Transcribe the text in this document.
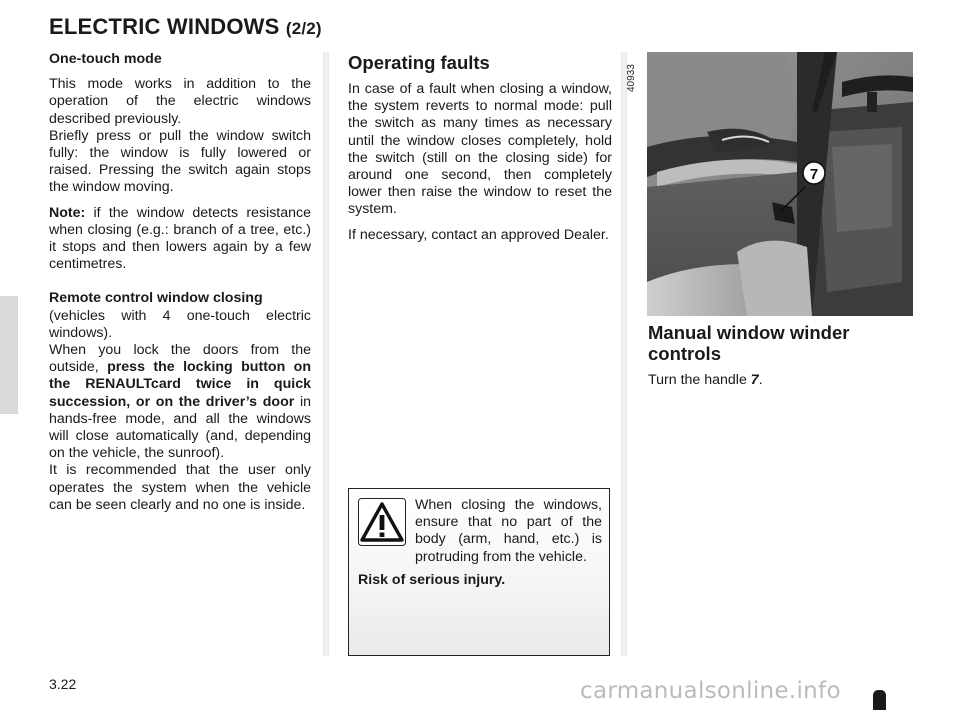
ELECTRIC WINDOWS (2/2)

One-touch mode

This mode works in addition to the operation of the electric windows described previously.

Briefly press or pull the window switch fully: the window is fully lowered or raised. Pressing the switch again stops the window moving.

Note: if the window detects resistance when closing (e.g.: branch of a tree, etc.) it stops and then lowers again by a few centimetres.

Remote control window closing

(vehicles with 4 one-touch electric windows).

When you lock the doors from the outside, press the locking button on the RENAULTcard twice in quick succession, or on the driver’s door in hands-free mode, and all the windows will close automatically (and, depending on the vehicle, the sunroof).

It is recommended that the user only operates the system when the vehicle can be seen clearly and no one is inside.

Operating faults

In case of a fault when closing a window, the system reverts to normal mode: pull the switch as many times as necessary until the window closes completely, hold the switch (still on the closing side) for around one second, then completely lower then raise the window to reset the system.

If necessary, contact an approved Dealer.

When closing the windows, ensure that no part of the body (arm, hand, etc.) is protruding from the vehicle.
Risk of serious injury.
40933
7

Manual window winder controls

Turn the handle 7.

3.22	carmanualsonline.info
